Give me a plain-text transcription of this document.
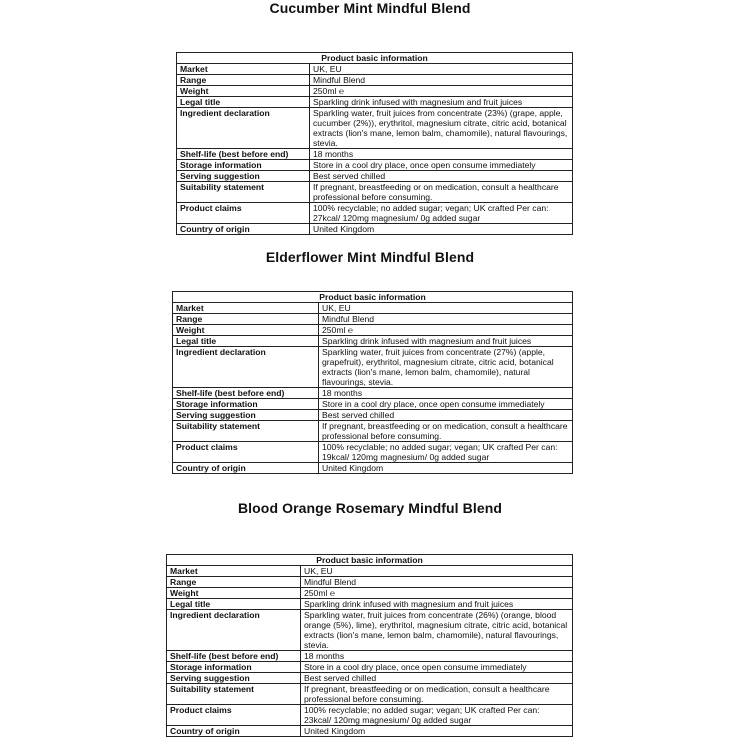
Cucumber Mint Mindful Blend
Product basic information	
Market	UK, EU
Range	Mindful Blend
Weight	250ml ℮
Legal title	Sparkling drink infused with magnesium and fruit juices
Ingredient declaration	Sparkling water, fruit juices from concentrate (23%) (grape, apple, cucumber (2%)), erythritol, magnesium citrate, citric acid, botanical extracts (lion's mane, lemon balm, chamomile), natural flavourings, stevia.
Shelf-life (best before end)	18 months
Storage information	Store in a cool dry place, once open consume immediately
Serving suggestion	Best served chilled
Suitability statement	If pregnant, breastfeeding or on medication, consult a healthcare professional before consuming.
Product claims	100% recyclable; no added sugar; vegan; UK crafted Per can: 27kcal/ 120mg magnesium/ 0g added sugar
Country of origin	United Kingdom
Elderflower Mint Mindful Blend
Product basic information	
Market	UK, EU
Range	Mindful Blend
Weight	250ml ℮
Legal title	Sparkling drink infused with magnesium and fruit juices
Ingredient declaration	Sparkling water, fruit juices from concentrate (27%) (apple, grapefruit), erythritol, magnesium citrate, citric acid, botanical extracts (lion's mane, lemon balm, chamomile), natural flavourings, stevia.
Shelf-life (best before end)	18 months
Storage information	Store in a cool dry place, once open consume immediately
Serving suggestion	Best served chilled
Suitability statement	If pregnant, breastfeeding or on medication, consult a healthcare professional before consuming.
Product claims	100% recyclable; no added sugar; vegan; UK crafted Per can: 19kcal/ 120mg magnesium/ 0g added sugar
Country of origin	United Kingdom
Blood Orange Rosemary Mindful Blend
Product basic information	
Market	UK, EU
Range	Mindful Blend
Weight	250ml ℮
Legal title	Sparkling drink infused with magnesium and fruit juices
Ingredient declaration	Sparkling water, fruit juices from concentrate (26%) (orange, blood orange (5%), lime), erythritol, magnesium citrate, citric acid, botanical extracts (lion's mane, lemon balm, chamomile), natural flavourings, stevia.
Shelf-life (best before end)	18 months
Storage information	Store in a cool dry place, once open consume immediately
Serving suggestion	Best served chilled
Suitability statement	If pregnant, breastfeeding or on medication, consult a healthcare professional before consuming.
Product claims	100% recyclable; no added sugar; vegan; UK crafted Per can: 23kcal/ 120mg magnesium/ 0g added sugar
Country of origin	United Kingdom
